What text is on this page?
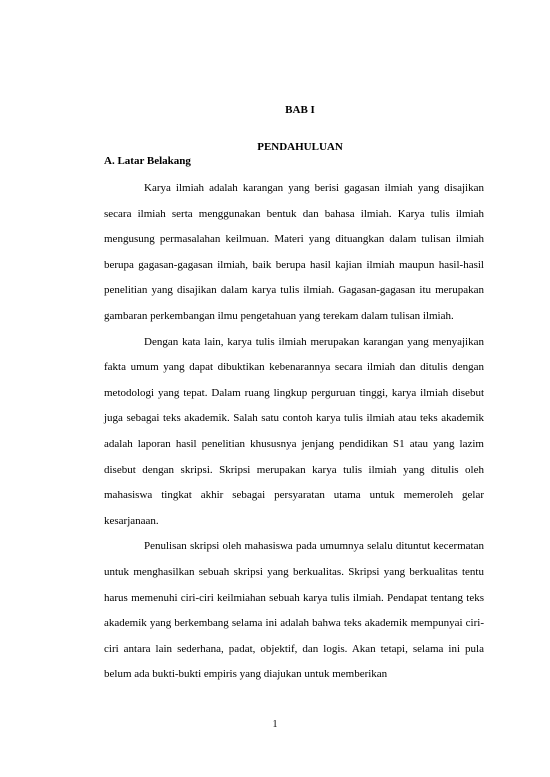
BAB I
PENDAHULUAN
A. Latar Belakang

Karya ilmiah adalah karangan yang berisi gagasan ilmiah yang disajikan secara ilmiah serta menggunakan bentuk dan bahasa ilmiah. Karya tulis ilmiah mengusung permasalahan keilmuan. Materi yang dituangkan dalam tulisan ilmiah berupa gagasan-gagasan ilmiah, baik berupa hasil kajian ilmiah maupun hasil-hasil penelitian yang disajikan dalam karya tulis ilmiah. Gagasan-gagasan itu merupakan gambaran perkembangan ilmu pengetahuan yang terekam dalam tulisan ilmiah.

Dengan kata lain, karya tulis ilmiah merupakan karangan yang menyajikan fakta umum yang dapat dibuktikan kebenarannya secara ilmiah dan ditulis dengan metodologi yang tepat. Dalam ruang lingkup perguruan tinggi, karya ilmiah disebut juga sebagai teks akademik. Salah satu contoh karya tulis ilmiah atau teks akademik adalah laporan hasil penelitian khususnya jenjang pendidikan S1 atau yang lazim disebut dengan skripsi. Skripsi merupakan karya tulis ilmiah yang ditulis oleh mahasiswa tingkat akhir sebagai persyaratan utama untuk memeroleh gelar kesarjanaan.

Penulisan skripsi oleh mahasiswa pada umumnya selalu dituntut kecermatan untuk menghasilkan sebuah skripsi yang berkualitas. Skripsi yang berkualitas tentu harus memenuhi ciri-ciri keilmiahan sebuah karya tulis ilmiah. Pendapat tentang teks akademik yang berkembang selama ini adalah bahwa teks akademik mempunyai ciri-ciri antara lain sederhana, padat, objektif, dan logis. Akan tetapi, selama ini pula belum ada bukti-bukti empiris yang diajukan untuk memberikan

1
